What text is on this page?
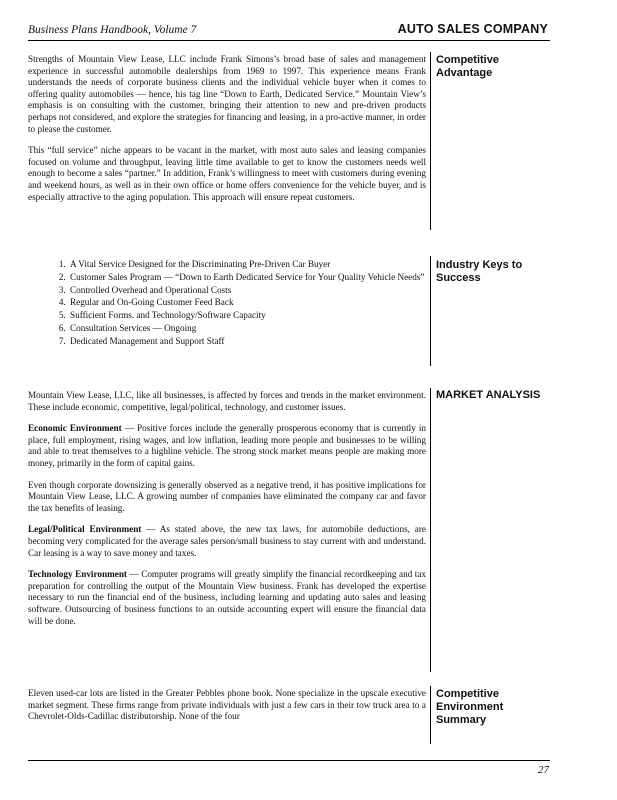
Business Plans Handbook, Volume 7	AUTO SALES COMPANY

Strengths of Mountain View Lease, LLC include Frank Simons’s broad base of sales and management experience in successful automobile dealerships from 1969 to 1997. This experience means Frank understands the needs of corporate business clients and the individual vehicle buyer when it comes to offering quality automobiles — hence, his tag line “Down to Earth, Dedicated Service.” Mountain View’s emphasis is on consulting with the customer, bringing their attention to new and pre-driven products perhaps not considered, and explore the strategies for financing and leasing, in a pro-active manner, in order to please the customer.

This “full service” niche appears to be vacant in the market, with most auto sales and leasing companies focused on volume and throughput, leaving little time available to get to know the customers needs well enough to become a sales “partner.” In addition, Frank’s willingness to meet with customers during evening and weekend hours, as well as in their own office or home offers convenience for the vehicle buyer, and is especially attractive to the aging population. This approach will ensure repeat customers.

Competitive Advantage
1. A Vital Service Designed for the Discriminating Pre-Driven Car Buyer
2. Customer Sales Program — “Down to Earth Dedicated Service for Your Quality Vehicle Needs”
3. Controlled Overhead and Operational Costs
4. Regular and On-Going Customer Feed Back
5. Sufficient Forms. and Technology/Software Capacity
6. Consultation Services — Ongoing
7. Dedicated Management and Support Staff
Industry Keys to Success

Mountain View Lease, LLC, like all businesses, is affected by forces and trends in the market environment. These include economic, competitive, legal/political, technology, and customer issues.

Economic Environment — Positive forces include the generally prosperous economy that is currently in place, full employment, rising wages, and low inflation, leading more people and businesses to be willing and able to treat themselves to a highline vehicle. The strong stock market means people are making more money, primarily in the form of capital gains.

Even though corporate downsizing is generally observed as a negative trend, it has positive implications for Mountain View Lease, LLC. A growing number of companies have eliminated the company car and favor the tax benefits of leasing.

Legal/Political Environment — As stated above, the new tax laws, for automobile deductions, are becoming very complicated for the average sales person/small business to stay current with and understand. Car leasing is a way to save money and taxes.

Technology Environment — Computer programs will greatly simplify the financial recordkeeping and tax preparation for controlling the output of the Mountain View business. Frank has developed the expertise necessary to run the financial end of the business, including learning and updating auto sales and leasing software. Outsourcing of business functions to an outside accounting expert will ensure the financial data will be done.

MARKET ANALYSIS

Eleven used-car lots are listed in the Greater Pebbles phone book. None specialize in the upscale executive market segment. These firms range from private individuals with just a few cars in their tow truck area to a Chevrolet-Olds-Cadillac distributorship. None of the four

Competitive Environment Summary
27
